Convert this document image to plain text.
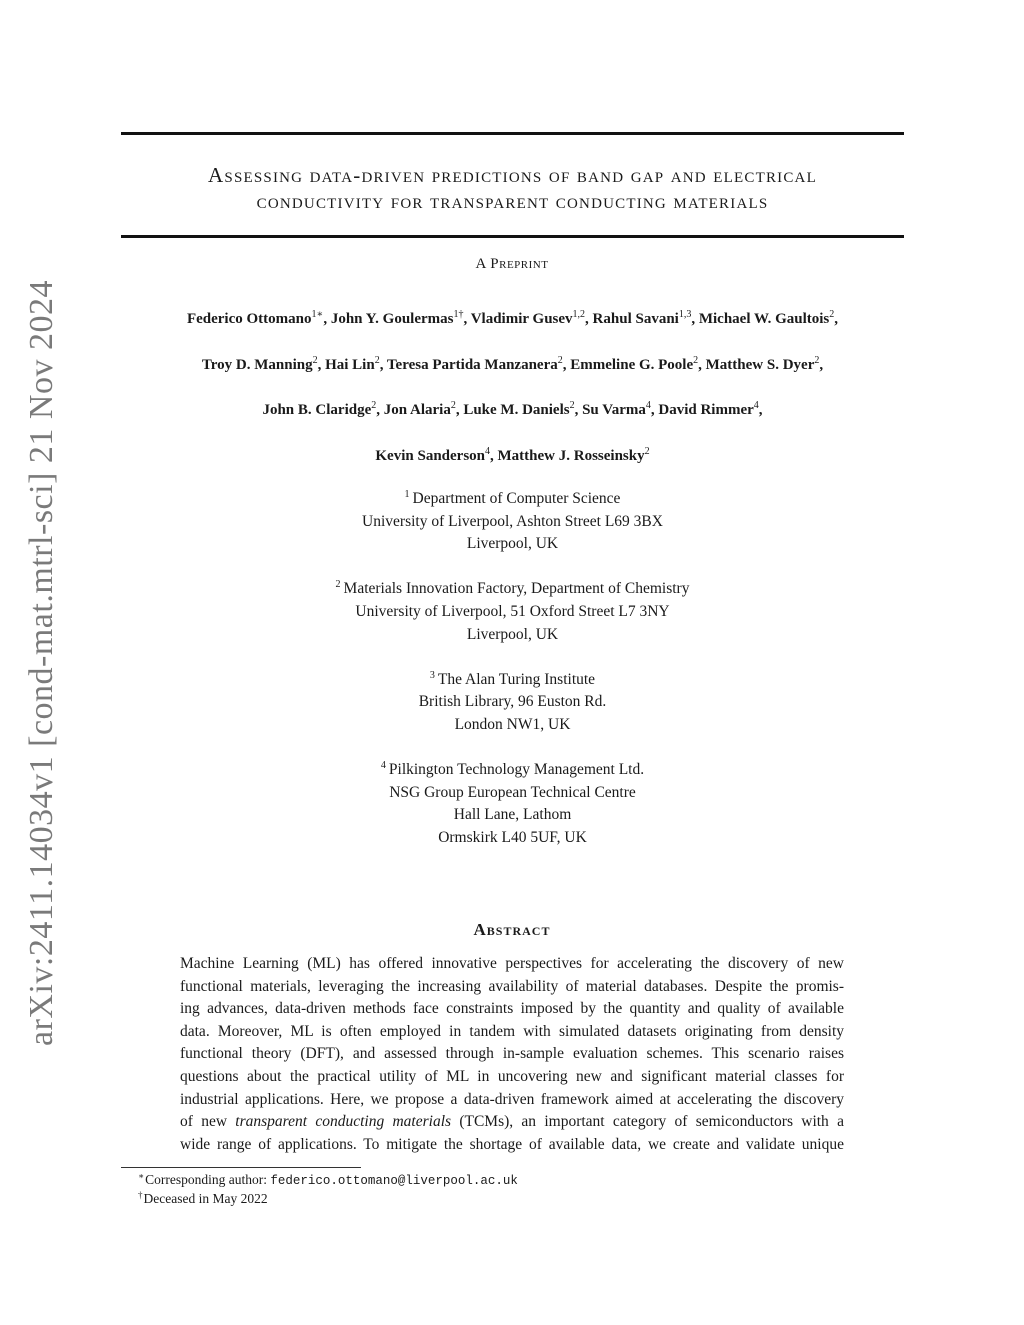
arXiv:2411.14034v1 [cond-mat.mtrl-sci] 21 Nov 2024
Assessing data-driven predictions of band gap and electrical
conductivity for transparent conducting materials
A Preprint
Federico Ottomano$^{1∗}$, John Y. Goulermas$^{1\dagger}$, Vladimir Gusev$^{1,2}$, Rahul Savani$^{1,3}$, Michael W. Gaultois$^2$,
Troy D. Manning$^2$, Hai Lin$^2$, Teresa Partida Manzanera$^2$, Emmeline G. Poole$^2$, Matthew S. Dyer$^2$,
John B. Claridge$^2$, Jon Alaria$^2$, Luke M. Daniels$^2$, Su Varma$^4$, David Rimmer$^4$,
Kevin Sanderson$^4$, Matthew J. Rosseinsky$^2$
$^1$ Department of Computer Science
University of Liverpool, Ashton Street L69 3BX
Liverpool, UK
$^2$ Materials Innovation Factory, Department of Chemistry
University of Liverpool, 51 Oxford Street L7 3NY
Liverpool, UK
$^3$ The Alan Turing Institute
British Library, 96 Euston Rd.
London NW1, UK
$^4$ Pilkington Technology Management Ltd.
NSG Group European Technical Centre
Hall Lane, Lathom
Ormskirk L40 5UF, UK
Abstract
Machine Learning (ML) has offered innovative perspectives for accelerating the discovery of new
functional materials, leveraging the increasing availability of material databases. Despite the promis-
ing advances, data-driven methods face constraints imposed by the quantity and quality of available
data. Moreover, ML is often employed in tandem with simulated datasets originating from density
functional theory (DFT), and assessed through in-sample evaluation schemes. This scenario raises
questions about the practical utility of ML in uncovering new and significant material classes for
industrial applications. Here, we propose a data-driven framework aimed at accelerating the discovery
of new transparent conducting materials (TCMs), an important category of semiconductors with a
wide range of applications. To mitigate the shortage of available data, we create and validate unique
∗Corresponding author: federico.ottomano@liverpool.ac.uk
†Deceased in May 2022
